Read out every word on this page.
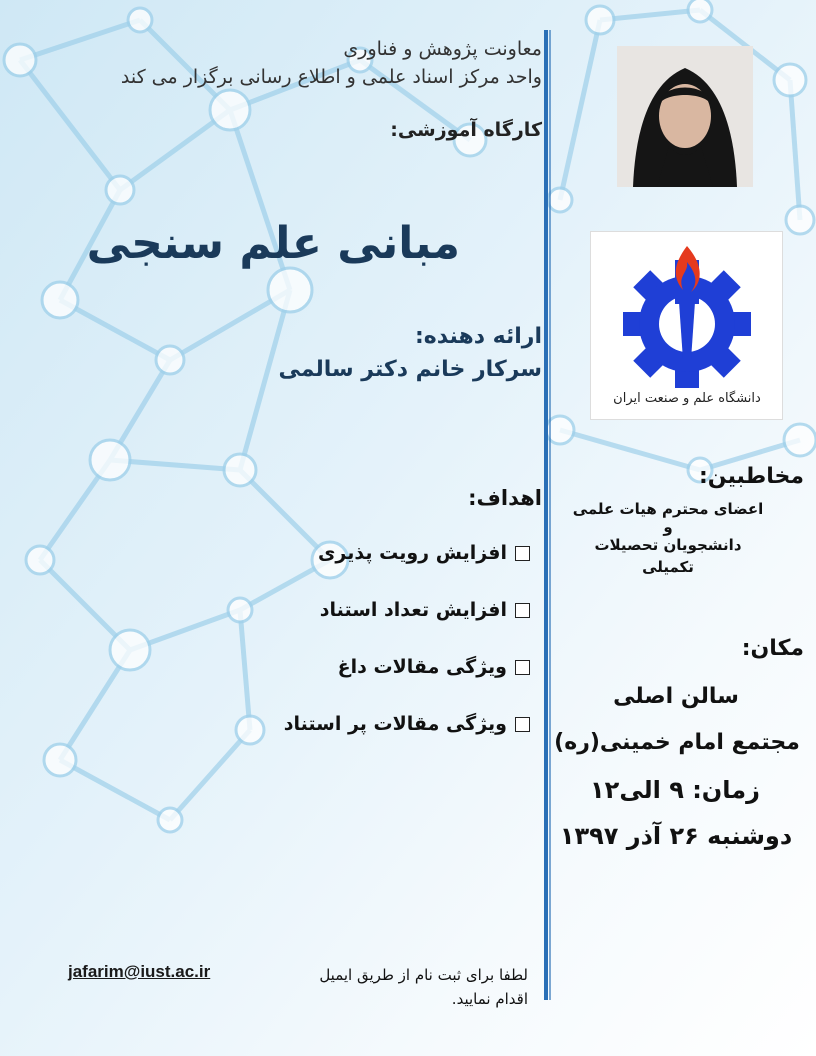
معاونت پژوهش و فناوری
واحد مرکز اسناد علمی و اطلاع رسانی برگزار می کند
کارگاه آموزشی:
مبانی علم سنجی
ارائه دهنده:
سرکار خانم دکتر سالمی
اهداف:
افزایش رویت پذیری
افزایش تعداد استناد
ویژگی مقالات داغ
ویژگی مقالات پر استناد
jafarim@iust.ac.ir	لطفا برای ثبت نام از طریق ایمیل
اقدام نمایید.
دانشگاه علم و صنعت ایران
مخاطبین:
اعضای محترم هیات علمی
و
دانشجویان تحصیلات
تکمیلی
مکان:
سالن اصلی
مجتمع امام خمینی(ره)
زمان: ۹ الی۱۲
دوشنبه ۲۶ آذر ۱۳۹۷
